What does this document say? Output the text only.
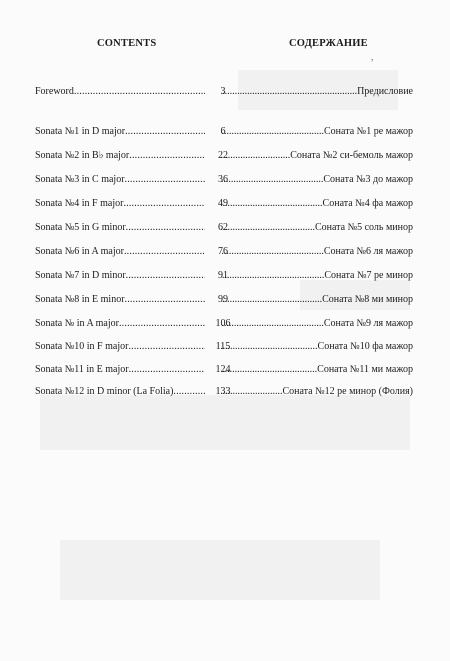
CONTENTS	СОДЕРЖАНИЕ
,
Foreword .....	3	Предисловие .....
Sonata №1 in D major .....	6	Соната №1 ре мажор .....
Sonata №2 in B♭ major .....	22	Соната №2 си-бемоль мажор .....
Sonata №3 in C major .....	36	Соната №3 до мажор .....
Sonata №4 in F major .....	49	Соната №4 фа мажор .....
Sonata №5 in G minor .....	62	Соната №5 соль минор .....
Sonata №6 in A major .....	76	Соната №6 ля мажор .....
Sonata №7 in D minor .....	91	Соната №7 ре минор .....
Sonata №8 in E minor .....	99	Соната №8 ми минор .....
Sonata № in A major .....	106	Соната №9 ля мажор .....
Sonata №10 in F major .....	115	Соната №10 фа мажор .....
Sonata №11 in E major .....	124	Соната №11 ми мажор .....
Sonata №12 in D minor (La Folia) .....	133	Соната №12 ре минор (Фолия) .....
